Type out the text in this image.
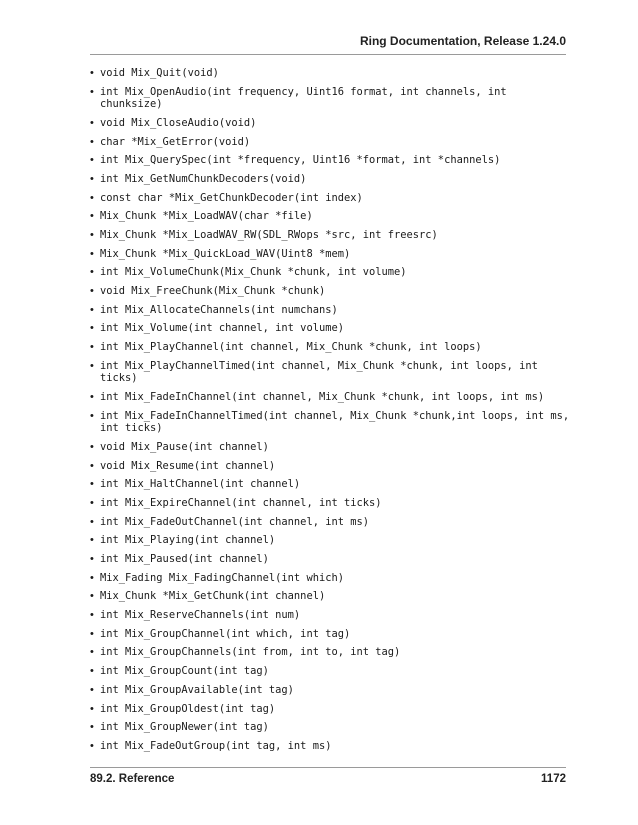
Ring Documentation, Release 1.24.0
• void Mix_Quit(void)
• int Mix_OpenAudio(int frequency, Uint16 format, int channels, int chunksize)
• void Mix_CloseAudio(void)
• char *Mix_GetError(void)
• int Mix_QuerySpec(int *frequency, Uint16 *format, int *channels)
• int Mix_GetNumChunkDecoders(void)
• const char *Mix_GetChunkDecoder(int index)
• Mix_Chunk *Mix_LoadWAV(char *file)
• Mix_Chunk *Mix_LoadWAV_RW(SDL_RWops *src, int freesrc)
• Mix_Chunk *Mix_QuickLoad_WAV(Uint8 *mem)
• int Mix_VolumeChunk(Mix_Chunk *chunk, int volume)
• void Mix_FreeChunk(Mix_Chunk *chunk)
• int Mix_AllocateChannels(int numchans)
• int Mix_Volume(int channel, int volume)
• int Mix_PlayChannel(int channel, Mix_Chunk *chunk, int loops)
• int Mix_PlayChannelTimed(int channel, Mix_Chunk *chunk, int loops, int ticks)
• int Mix_FadeInChannel(int channel, Mix_Chunk *chunk, int loops, int ms)
• int Mix_FadeInChannelTimed(int channel, Mix_Chunk *chunk,int loops, int ms, int ticks)
• void Mix_Pause(int channel)
• void Mix_Resume(int channel)
• int Mix_HaltChannel(int channel)
• int Mix_ExpireChannel(int channel, int ticks)
• int Mix_FadeOutChannel(int channel, int ms)
• int Mix_Playing(int channel)
• int Mix_Paused(int channel)
• Mix_Fading Mix_FadingChannel(int which)
• Mix_Chunk *Mix_GetChunk(int channel)
• int Mix_ReserveChannels(int num)
• int Mix_GroupChannel(int which, int tag)
• int Mix_GroupChannels(int from, int to, int tag)
• int Mix_GroupCount(int tag)
• int Mix_GroupAvailable(int tag)
• int Mix_GroupOldest(int tag)
• int Mix_GroupNewer(int tag)
• int Mix_FadeOutGroup(int tag, int ms)
89.2. Reference	1172
